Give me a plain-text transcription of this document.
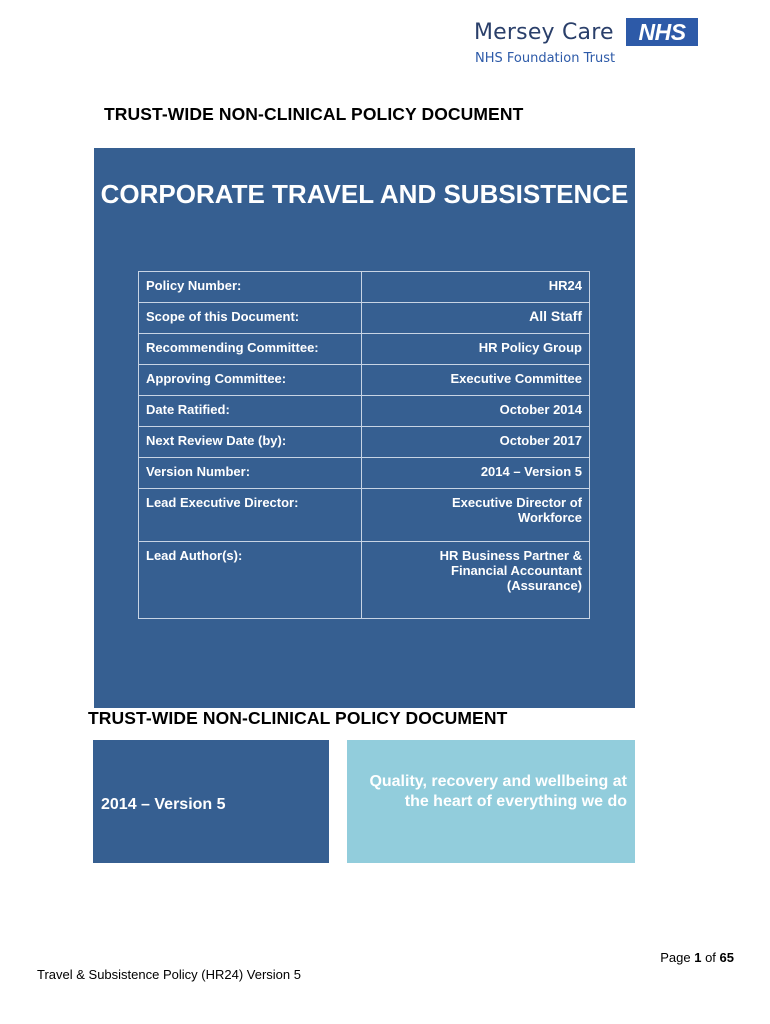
Mersey Care	NHS
NHS Foundation Trust
TRUST-WIDE NON-CLINICAL POLICY DOCUMENT
CORPORATE TRAVEL AND SUBSISTENCE
Policy Number:	HR24
Scope of this Document:	All Staff
Recommending Committee:	HR Policy Group
Approving Committee:	Executive Committee
Date Ratified:	October 2014
Next Review Date (by):	October 2017
Version Number:	2014 – Version 5
Lead Executive Director:	Executive Director of Workforce
Lead Author(s):	HR Business Partner & Financial Accountant (Assurance)
TRUST-WIDE NON-CLINICAL POLICY DOCUMENT
2014 – Version 5
Quality, recovery and wellbeing at the heart of everything we do
Page 1 of 65
Travel & Subsistence Policy (HR24) Version 5
